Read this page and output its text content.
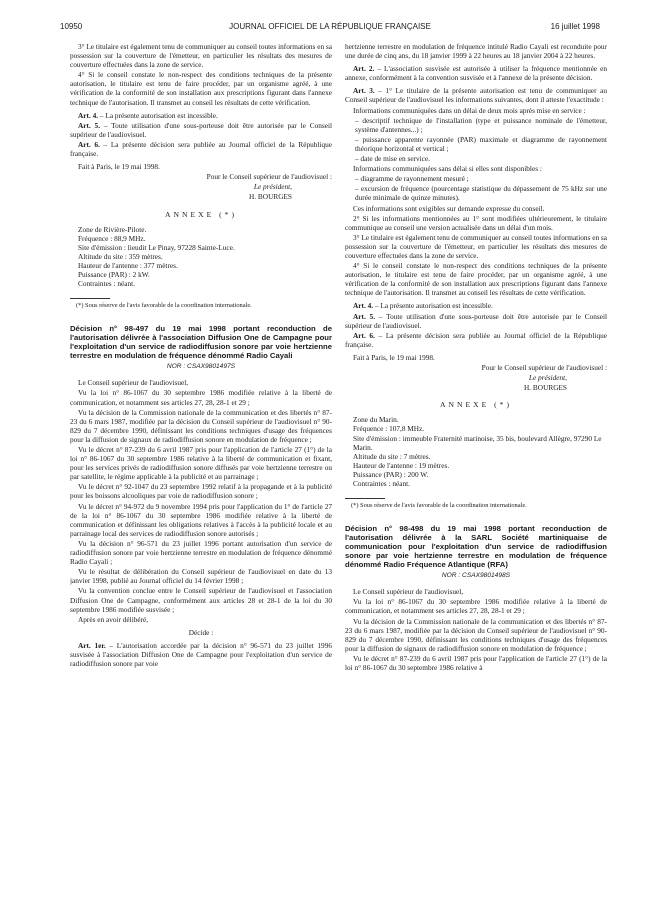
10950	JOURNAL OFFICIEL DE LA RÉPUBLIQUE FRANÇAISE	16 juillet 1998

3° Le titulaire est également tenu de communiquer au conseil toutes informations en sa possession sur la couverture de l'émetteur, en particulier les résultats des mesures de couverture effectuées dans la zone de service.

4° Si le conseil constate le non-respect des conditions techniques de la présente autorisation, le titulaire est tenu de faire procéder, par un organisme agréé, à une vérification de la conformité de son installation aux prescriptions figurant dans l'annexe technique de l'autorisation. Il transmet au conseil les résultats de cette vérification.

Art. 4. – La présente autorisation est incessible.

Art. 5. – Toute utilisation d'une sous-porteuse doit être autorisée par le Conseil supérieur de l'audiovisuel.

Art. 6. – La présente décision sera publiée au Journal officiel de la République française.

Fait à Paris, le 19 mai 1998.

Pour le Conseil supérieur de l'audiovisuel :

Le président,

H. BOURGES

ANNEXE (*)

Zone de Rivière-Pilote.

Fréquence : 88,9 MHz.

Site d'émission : lieudit Le Pinay, 97228 Sainte-Luce.

Altitude du site : 359 mètres.

Hauteur de l'antenne : 377 mètres.

Puissance (PAR) : 2 kW.

Contraintes : néant.

(*) Sous réserve de l'avis favorable de la coordination internationale.

Décision n° 98-497 du 19 mai 1998 portant reconduction de l'autorisation délivrée à l'association Diffusion One de Campagne pour l'exploitation d'un service de radiodiffusion sonore par voie hertzienne terrestre en modulation de fréquence dénommé Radio Cayali
NOR : CSAX9801497S

Le Conseil supérieur de l'audiovisuel,

Vu la loi n° 86-1067 du 30 septembre 1986 modifiée relative à la liberté de communication, et notamment ses articles 27, 28, 28-1 et 29 ;

Vu la décision de la Commission nationale de la communication et des libertés n° 87-23 du 6 mars 1987, modifiée par la décision du Conseil supérieur de l'audiovisuel n° 90-829 du 7 décembre 1990, définissant les conditions techniques d'usage des fréquences pour la diffusion de signaux de radiodiffusion sonore en modulation de fréquence ;

Vu le décret n° 87-239 du 6 avril 1987 pris pour l'application de l'article 27 (1°) de la loi n° 86-1067 du 30 septembre 1986 relative à la liberté de communication et fixant, pour les services privés de radiodiffusion sonore diffusés par voie hertzienne terrestre ou par satellite, le régime applicable à la publicité et au parrainage ;

Vu le décret n° 92-1047 du 23 septembre 1992 relatif à la propagande et à la publicité pour les boissons alcooliques par voie de radiodiffusion sonore ;

Vu le décret n° 94-972 du 9 novembre 1994 pris pour l'application du 1° de l'article 27 de la loi n° 86-1067 du 30 septembre 1986 modifiée relative à la liberté de communication et définissant les obligations relatives à l'accès à la publicité locale et au parrainage local des services de radiodiffusion sonore autorisés ;

Vu la décision n° 96-571 du 23 juillet 1996 portant autorisation d'un service de radiodiffusion sonore par voie hertzienne terrestre en modulation de fréquence dénommé Radio Cayali ;

Vu le résultat de délibération du Conseil supérieur de l'audiovisuel en date du 13 janvier 1998, publié au Journal officiel du 14 février 1998 ;

Vu la convention conclue entre le Conseil supérieur de l'audiovisuel et l'association Diffusion One de Campagne, conformément aux articles 28 et 28-1 de la loi du 30 septembre 1986 modifiée susvisée ;

Après en avoir délibéré,

Décide :

Art. 1er. – L'autorisation accordée par la décision n° 96-571 du 23 juillet 1996 susvisée à l'association Diffusion One de Campagne pour l'exploitation d'un service de radiodiffusion sonore par voie

hertzienne terrestre en modulation de fréquence intitulé Radio Cayali est reconduite pour une durée de cinq ans, du 18 janvier 1999 à 22 heures au 18 janvier 2004 à 22 heures.

Art. 2. – L'association susvisée est autorisée à utiliser la fréquence mentionnée en annexe, conformément à la convention susvisée et à l'annexe de la présente décision.

Art. 3. – 1° Le titulaire de la présente autorisation est tenu de communiquer au Conseil supérieur de l'audiovisuel les informations suivantes, dont il atteste l'exactitude :

Informations communiquées dans un délai de deux mois après mise en service :

– descriptif technique de l'installation (type et puissance nominale de l'émetteur, système d'antennes...) ;

– puissance apparente rayonnée (PAR) maximale et diagramme de rayonnement théorique horizontal et vertical ;

– date de mise en service.

Informations communiquées sans délai si elles sont disponibles :

– diagramme de rayonnement mesuré ;

– excursion de fréquence (pourcentage statistique du dépassement de 75 kHz sur une durée minimale de quinze minutes).

Ces informations sont exigibles sur demande expresse du conseil.

2° Si les informations mentionnées au 1° sont modifiées ultérieurement, le titulaire communique au conseil une version actualisée dans un délai d'un mois.

3° Le titulaire est également tenu de communiquer au conseil toutes informations en sa possession sur la couverture de l'émetteur, en particulier les résultats des mesures de couverture effectuées dans la zone de service.

4° Si le conseil constate le non-respect des conditions techniques de la présente autorisation, le titulaire est tenu de faire procéder, par un organisme agréé, à une vérification de la conformité de son installation aux prescriptions figurant dans l'annexe technique de l'autorisation. Il transmet au conseil les résultats de cette vérification.

Art. 4. – La présente autorisation est incessible.

Art. 5. – Toute utilisation d'une sous-porteuse doit être autorisée par le Conseil supérieur de l'audiovisuel.

Art. 6. – La présente décision sera publiée au Journal officiel de la République française.

Fait à Paris, le 19 mai 1998.

Pour le Conseil supérieur de l'audiovisuel :

Le président,

H. BOURGES

ANNEXE (*)

Zone du Marin.

Fréquence : 107,8 MHz.

Site d'émission : immeuble Fraternité marinoise, 35 bis, boulevard Allègre, 97290 Le Marin.

Altitude du site : 7 mètres.

Hauteur de l'antenne : 19 mètres.

Puissance (PAR) : 200 W.

Contraintes : néant.

(*) Sous réserve de l'avis favorable de la coordination internationale.

Décision n° 98-498 du 19 mai 1998 portant reconduction de l'autorisation délivrée à la SARL Société martiniquaise de communication pour l'exploitation d'un service de radiodiffusion sonore par voie hertzienne terrestre en modulation de fréquence dénommé Radio Fréquence Atlantique (RFA)
NOR : CSAX9801498S

Le Conseil supérieur de l'audiovisuel,

Vu la loi n° 86-1067 du 30 septembre 1986 modifiée relative à la liberté de communication, et notamment ses articles 27, 28, 28-1 et 29 ;

Vu la décision de la Commission nationale de la communication et des libertés n° 87-23 du 6 mars 1987, modifiée par la décision du Conseil supérieur de l'audiovisuel n° 90-829 du 7 décembre 1990, définissant les conditions techniques d'usage des fréquences pour la diffusion de signaux de radiodiffusion sonore en modulation de fréquence ;

Vu le décret n° 87-239 du 6 avril 1987 pris pour l'application de l'article 27 (1°) de la loi n° 86-1067 du 30 septembre 1986 relative à
